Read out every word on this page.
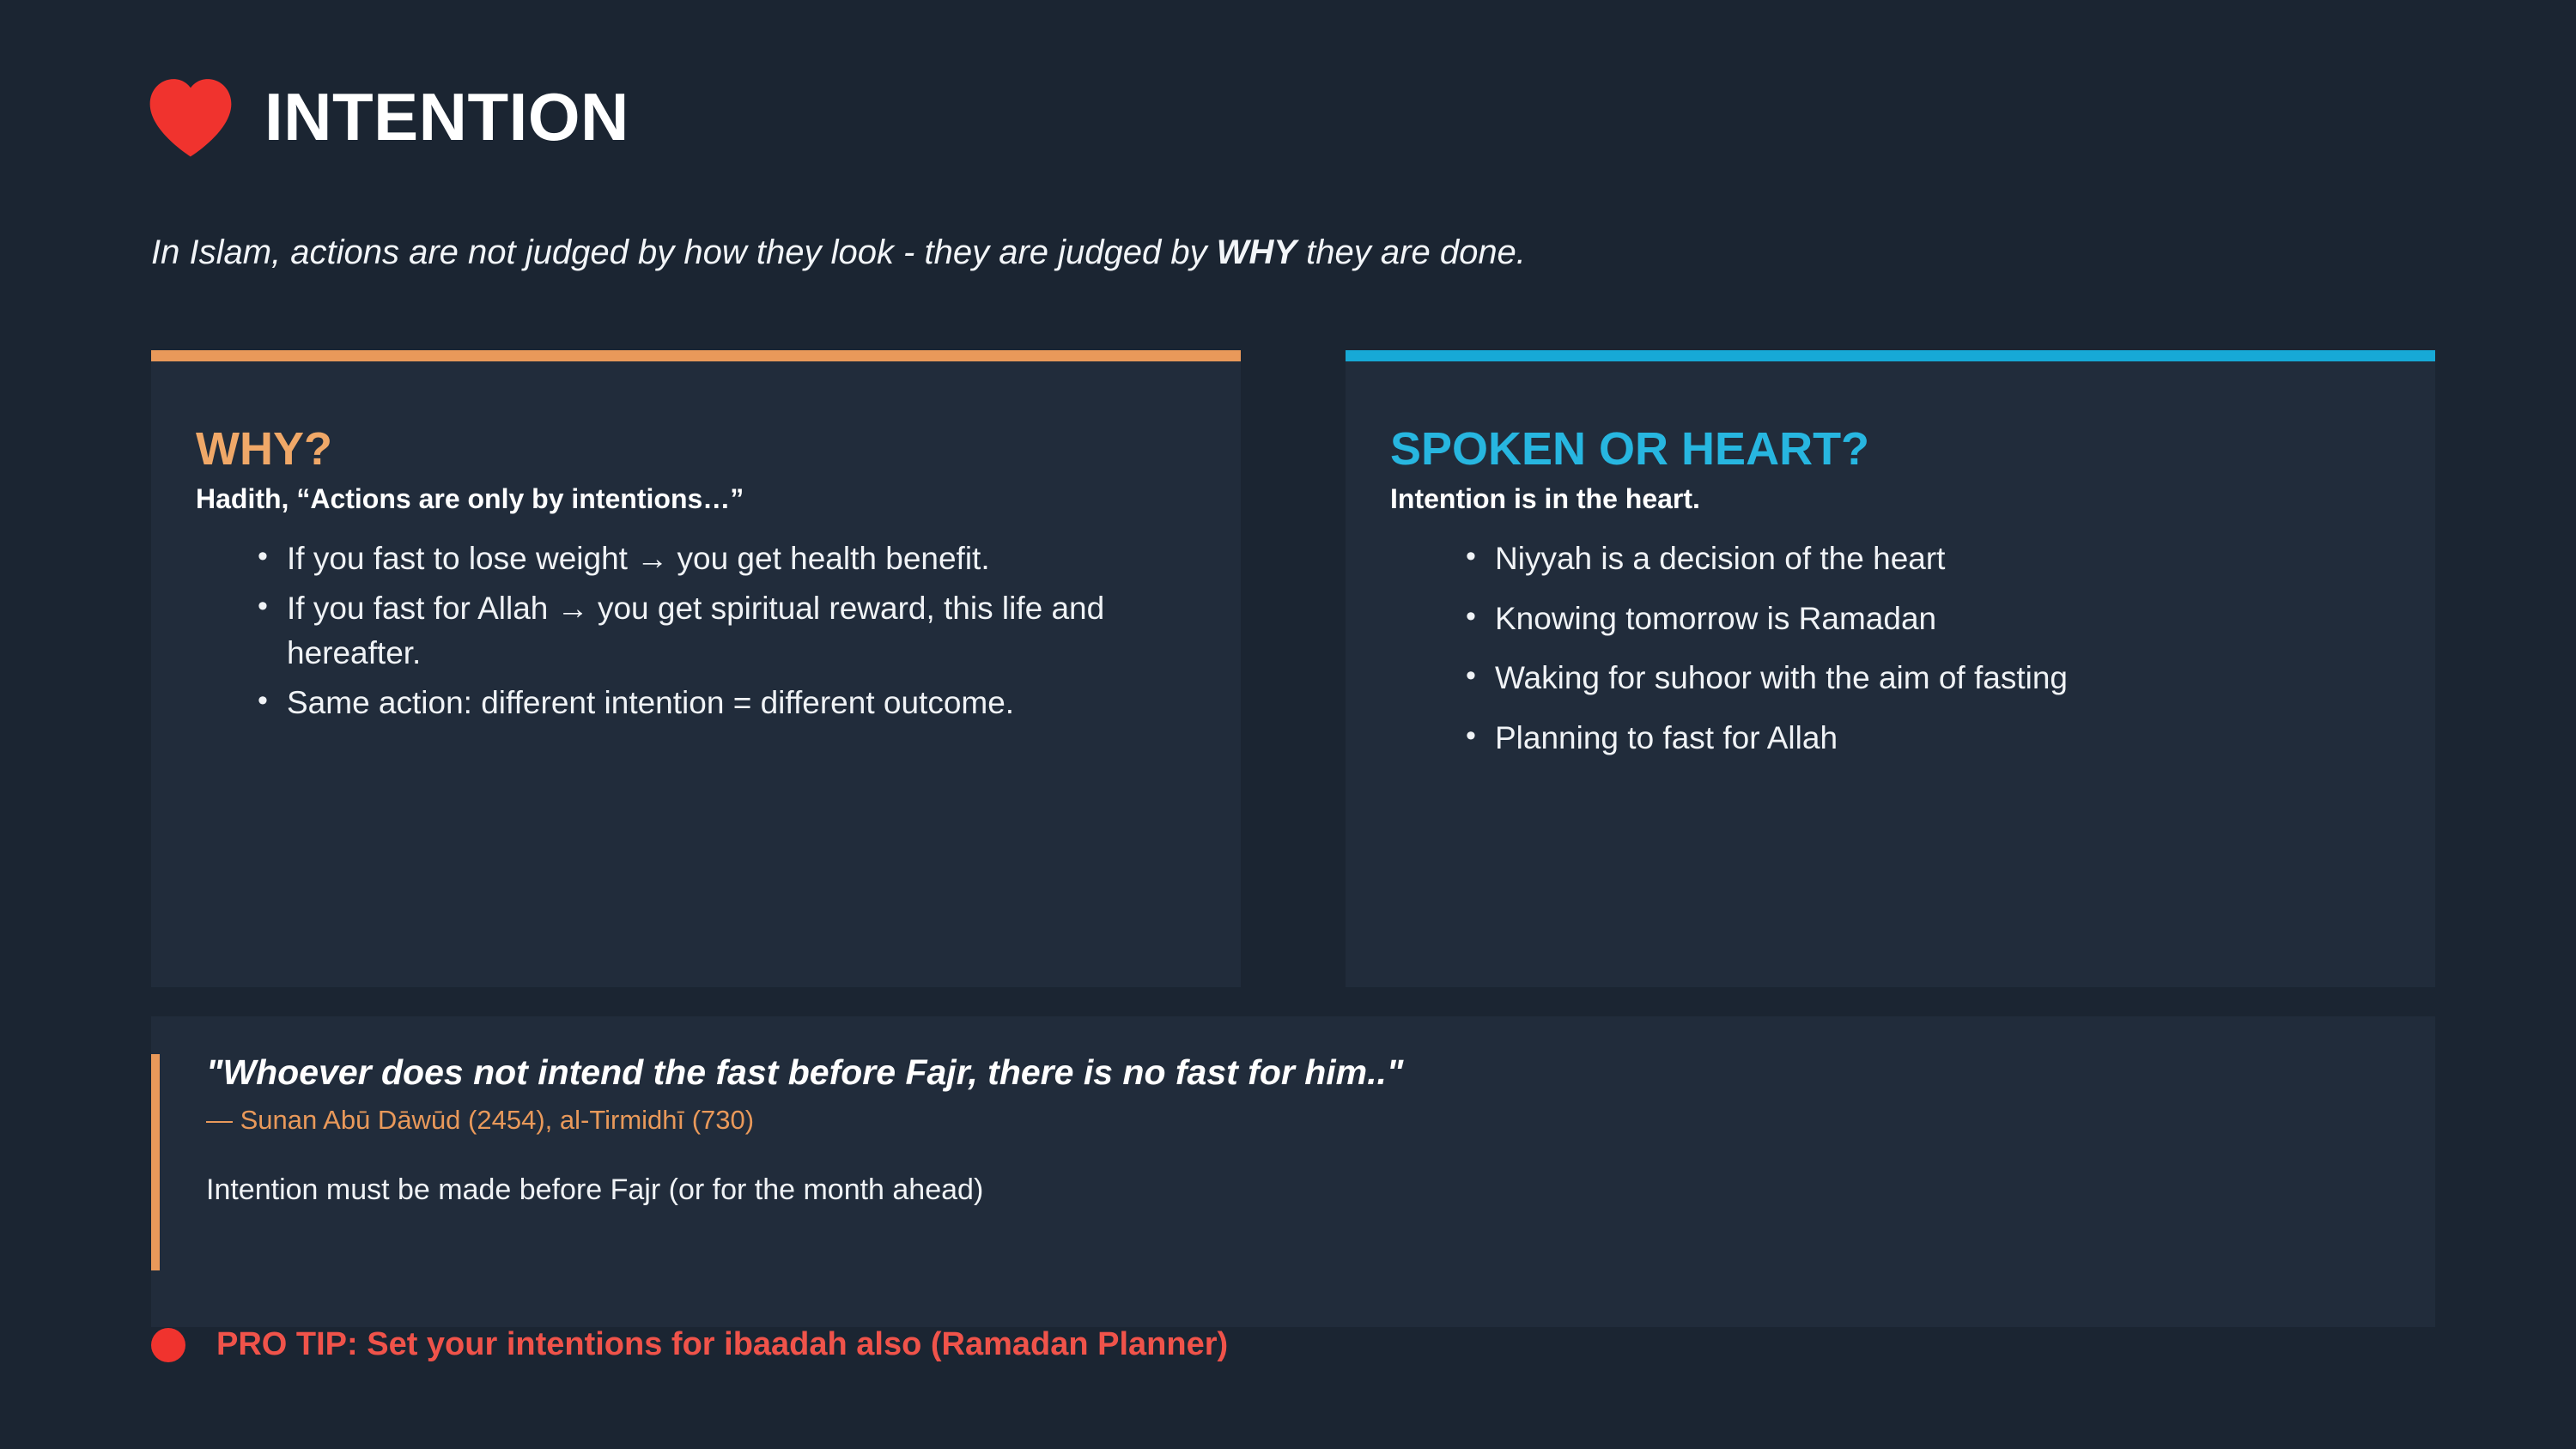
INTENTION
In Islam, actions are not judged by how they look - they are judged by WHY they are done.
WHY?
Hadith, “Actions are only by intentions…”
• If you fast to lose weight → you get health benefit.
• If you fast for Allah → you get spiritual reward, this life and hereafter.
• Same action: different intention = different outcome.
SPOKEN OR HEART?
Intention is in the heart.
• Niyyah is a decision of the heart
• Knowing tomorrow is Ramadan
• Waking for suhoor with the aim of fasting
• Planning to fast for Allah
"Whoever does not intend the fast before Fajr, there is no fast for him.."
— Sunan Abū Dāwūd (2454), al-Tirmidhī (730)
Intention must be made before Fajr (or for the month ahead)
PRO TIP: Set your intentions for ibaadah also (Ramadan Planner)
